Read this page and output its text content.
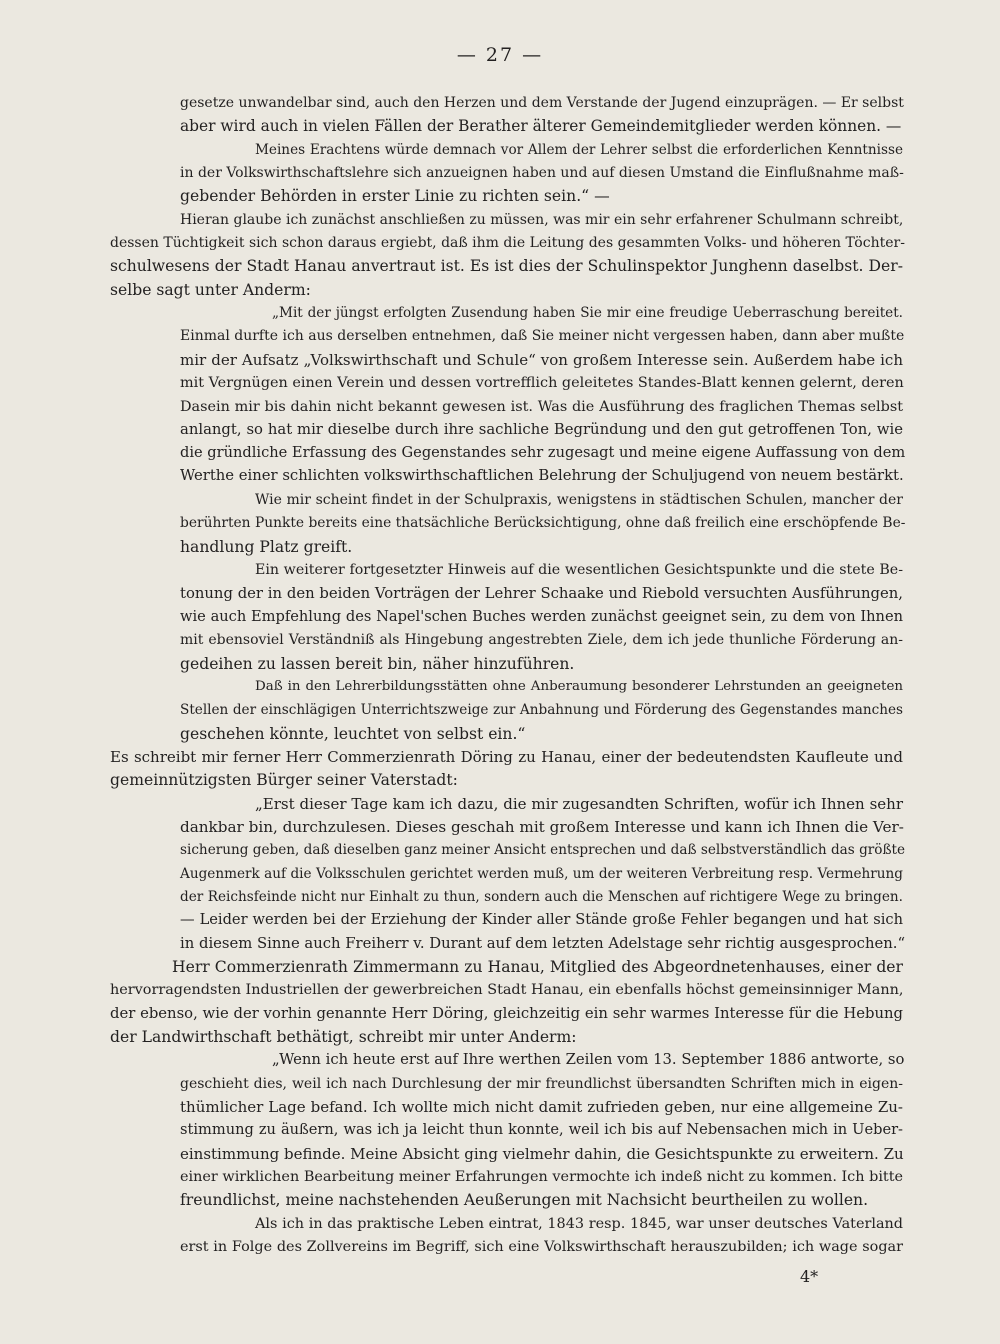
— 27 —
gesetze unwandelbar sind, auch den Herzen und dem Verstande der Jugend einzuprägen. — Er selbst
aber wird auch in vielen Fällen der Berather älterer Gemeindemitglieder werden können. —
Meines Erachtens würde demnach vor Allem der Lehrer selbst die erforderlichen Kenntnisse
in der Volkswirthschaftslehre sich anzueignen haben und auf diesen Umstand die Einflußnahme maß-
gebender Behörden in erster Linie zu richten sein.“ —
Hieran glaube ich zunächst anschließen zu müssen, was mir ein sehr erfahrener Schulmann schreibt,
dessen Tüchtigkeit sich schon daraus ergiebt, daß ihm die Leitung des gesammten Volks- und höheren Töchter-
schulwesens der Stadt Hanau anvertraut ist. Es ist dies der Schulinspektor Junghenn daselbst. Der-
selbe sagt unter Anderm:
„Mit der jüngst erfolgten Zusendung haben Sie mir eine freudige Ueberraschung bereitet.
Einmal durfte ich aus derselben entnehmen, daß Sie meiner nicht vergessen haben, dann aber mußte
mir der Aufsatz „Volkswirthschaft und Schule“ von großem Interesse sein. Außerdem habe ich
mit Vergnügen einen Verein und dessen vortrefflich geleitetes Standes-Blatt kennen gelernt, deren
Dasein mir bis dahin nicht bekannt gewesen ist. Was die Ausführung des fraglichen Themas selbst
anlangt, so hat mir dieselbe durch ihre sachliche Begründung und den gut getroffenen Ton, wie
die gründliche Erfassung des Gegenstandes sehr zugesagt und meine eigene Auffassung von dem
Werthe einer schlichten volkswirthschaftlichen Belehrung der Schuljugend von neuem bestärkt.
Wie mir scheint findet in der Schulpraxis, wenigstens in städtischen Schulen, mancher der
berührten Punkte bereits eine thatsächliche Berücksichtigung, ohne daß freilich eine erschöpfende Be-
handlung Platz greift.
Ein weiterer fortgesetzter Hinweis auf die wesentlichen Gesichtspunkte und die stete Be-
tonung der in den beiden Vorträgen der Lehrer Schaake und Riebold versuchten Ausführungen,
wie auch Empfehlung des Napel'schen Buches werden zunächst geeignet sein, zu dem von Ihnen
mit ebensoviel Verständniß als Hingebung angestrebten Ziele, dem ich jede thunliche Förderung an-
gedeihen zu lassen bereit bin, näher hinzuführen.
Daß in den Lehrerbildungsstätten ohne Anberaumung besonderer Lehrstunden an geeigneten
Stellen der einschlägigen Unterrichtszweige zur Anbahnung und Förderung des Gegenstandes manches
geschehen könnte, leuchtet von selbst ein.“
Es schreibt mir ferner Herr Commerzienrath Döring zu Hanau, einer der bedeutendsten Kaufleute und
gemeinnützigsten Bürger seiner Vaterstadt:
„Erst dieser Tage kam ich dazu, die mir zugesandten Schriften, wofür ich Ihnen sehr
dankbar bin, durchzulesen. Dieses geschah mit großem Interesse und kann ich Ihnen die Ver-
sicherung geben, daß dieselben ganz meiner Ansicht entsprechen und daß selbstverständlich das größte
Augenmerk auf die Volksschulen gerichtet werden muß, um der weiteren Verbreitung resp. Vermehrung
der Reichsfeinde nicht nur Einhalt zu thun, sondern auch die Menschen auf richtigere Wege zu bringen.
— Leider werden bei der Erziehung der Kinder aller Stände große Fehler begangen und hat sich
in diesem Sinne auch Freiherr v. Durant auf dem letzten Adelstage sehr richtig ausgesprochen.“
Herr Commerzienrath Zimmermann zu Hanau, Mitglied des Abgeordnetenhauses, einer der
hervorragendsten Industriellen der gewerbreichen Stadt Hanau, ein ebenfalls höchst gemeinsinniger Mann,
der ebenso, wie der vorhin genannte Herr Döring, gleichzeitig ein sehr warmes Interesse für die Hebung
der Landwirthschaft bethätigt, schreibt mir unter Anderm:
„Wenn ich heute erst auf Ihre werthen Zeilen vom 13. September 1886 antworte, so
geschieht dies, weil ich nach Durchlesung der mir freundlichst übersandten Schriften mich in eigen-
thümlicher Lage befand. Ich wollte mich nicht damit zufrieden geben, nur eine allgemeine Zu-
stimmung zu äußern, was ich ja leicht thun konnte, weil ich bis auf Nebensachen mich in Ueber-
einstimmung befinde. Meine Absicht ging vielmehr dahin, die Gesichtspunkte zu erweitern. Zu
einer wirklichen Bearbeitung meiner Erfahrungen vermochte ich indeß nicht zu kommen. Ich bitte
freundlichst, meine nachstehenden Aeußerungen mit Nachsicht beurtheilen zu wollen.
Als ich in das praktische Leben eintrat, 1843 resp. 1845, war unser deutsches Vaterland
erst in Folge des Zollvereins im Begriff, sich eine Volkswirthschaft herauszubilden; ich wage sogar
4*
